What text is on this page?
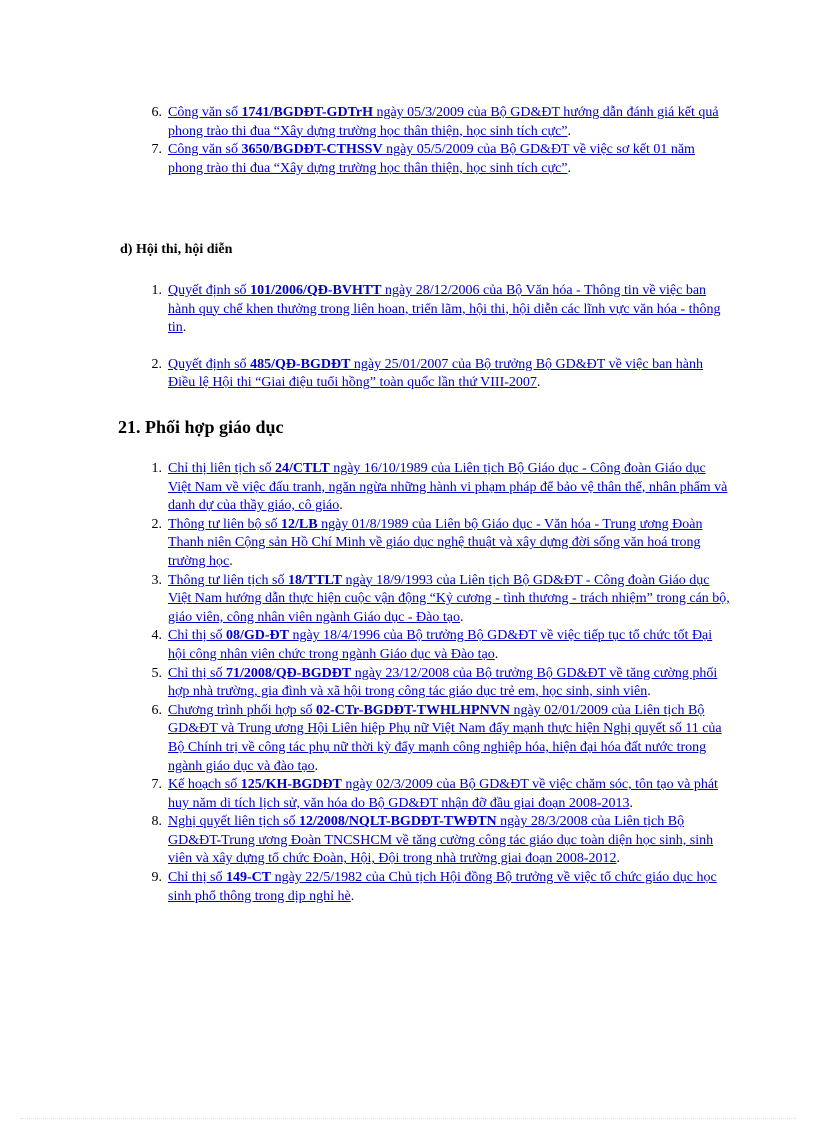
6. Công văn số 1741/BGDĐT-GDTrH ngày 05/3/2009 của Bộ GD&ĐT hướng dẫn đánh giá kết quả phong trào thi đua “Xây dựng trường học thân thiện, học sinh tích cực”.
7. Công văn số 3650/BGDĐT-CTHSSV ngày 05/5/2009 của Bộ GD&ĐT về việc sơ kết 01 năm phong trào thi đua “Xây dựng trường học thân thiện, học sinh tích cực”.
d) Hội thi, hội diễn
1. Quyết định số 101/2006/QĐ-BVHTT ngày 28/12/2006 của Bộ Văn hóa - Thông tin về việc ban hành quy chế khen thưởng trong liên hoan, triển lãm, hội thi, hội diễn các lĩnh vực văn hóa - thông tin.
2. Quyết định số 485/QĐ-BGDĐT ngày 25/01/2007 của Bộ trưởng Bộ GD&ĐT về việc ban hành Điều lệ Hội thi “Giai điệu tuổi hồng” toàn quốc lần thứ VIII-2007.
21. Phối hợp giáo dục
1. Chỉ thị liên tịch số 24/CTLT ngày 16/10/1989 của Liên tịch Bộ Giáo dục - Công đoàn Giáo dục Việt Nam về việc đấu tranh, ngăn ngừa những hành vi phạm pháp để bảo vệ thân thể, nhân phẩm và danh dự của thầy giáo, cô giáo.
2. Thông tư liên bộ số 12/LB ngày 01/8/1989 của Liên bộ Giáo dục - Văn hóa - Trung ương Đoàn Thanh niên Cộng sản Hồ Chí Minh về giáo dục nghệ thuật và xây dựng đời sống văn hoá trong trường học.
3. Thông tư liên tịch số 18/TTLT ngày 18/9/1993 của Liên tịch Bộ GD&ĐT - Công đoàn Giáo dục Việt Nam hướng dẫn thực hiện cuộc vận động “Kỷ cương - tình thương - trách nhiệm” trong cán bộ, giáo viên, công nhân viên ngành Giáo dục - Đào tạo.
4. Chỉ thị số 08/GD-ĐT ngày 18/4/1996 của Bộ trưởng Bộ GD&ĐT về việc tiếp tục tổ chức tốt Đại hội công nhân viên chức trong ngành Giáo dục và Đào tạo.
5. Chỉ thị số 71/2008/QĐ-BGDĐT ngày 23/12/2008 của Bộ trưởng Bộ GD&ĐT về tăng cường phối hợp nhà trường, gia đình và xã hội trong công tác giáo dục trẻ em, học sinh, sinh viên.
6. Chương trình phối hợp số 02-CTr-BGDĐT-TWHLHPNVN ngày 02/01/2009 của Liên tịch Bộ GD&ĐT và Trung ương Hội Liên hiệp Phụ nữ Việt Nam đẩy mạnh thực hiện Nghị quyết số 11 của Bộ Chính trị về công tác phụ nữ thời kỳ đẩy mạnh công nghiệp hóa, hiện đại hóa đất nước trong ngành giáo dục và đào tạo.
7. Kế hoạch số 125/KH-BGDĐT ngày 02/3/2009 của Bộ GD&ĐT về việc chăm sóc, tôn tạo và phát huy năm di tích lịch sử, văn hóa do Bộ GD&ĐT nhận đỡ đầu giai đoạn 2008-2013.
8. Nghị quyết liên tịch số 12/2008/NQLT-BGDĐT-TWĐTN ngày 28/3/2008 của Liên tịch Bộ GD&ĐT-Trung ương Đoàn TNCSHCM về tăng cường công tác giáo dục toàn diện học sinh, sinh viên và xây dựng tổ chức Đoàn, Hội, Đội trong nhà trường giai đoạn 2008-2012.
9. Chỉ thị số 149-CT ngày 22/5/1982 của Chủ tịch Hội đồng Bộ trưởng về việc tổ chức giáo dục học sinh phổ thông trong dịp nghỉ hè.
